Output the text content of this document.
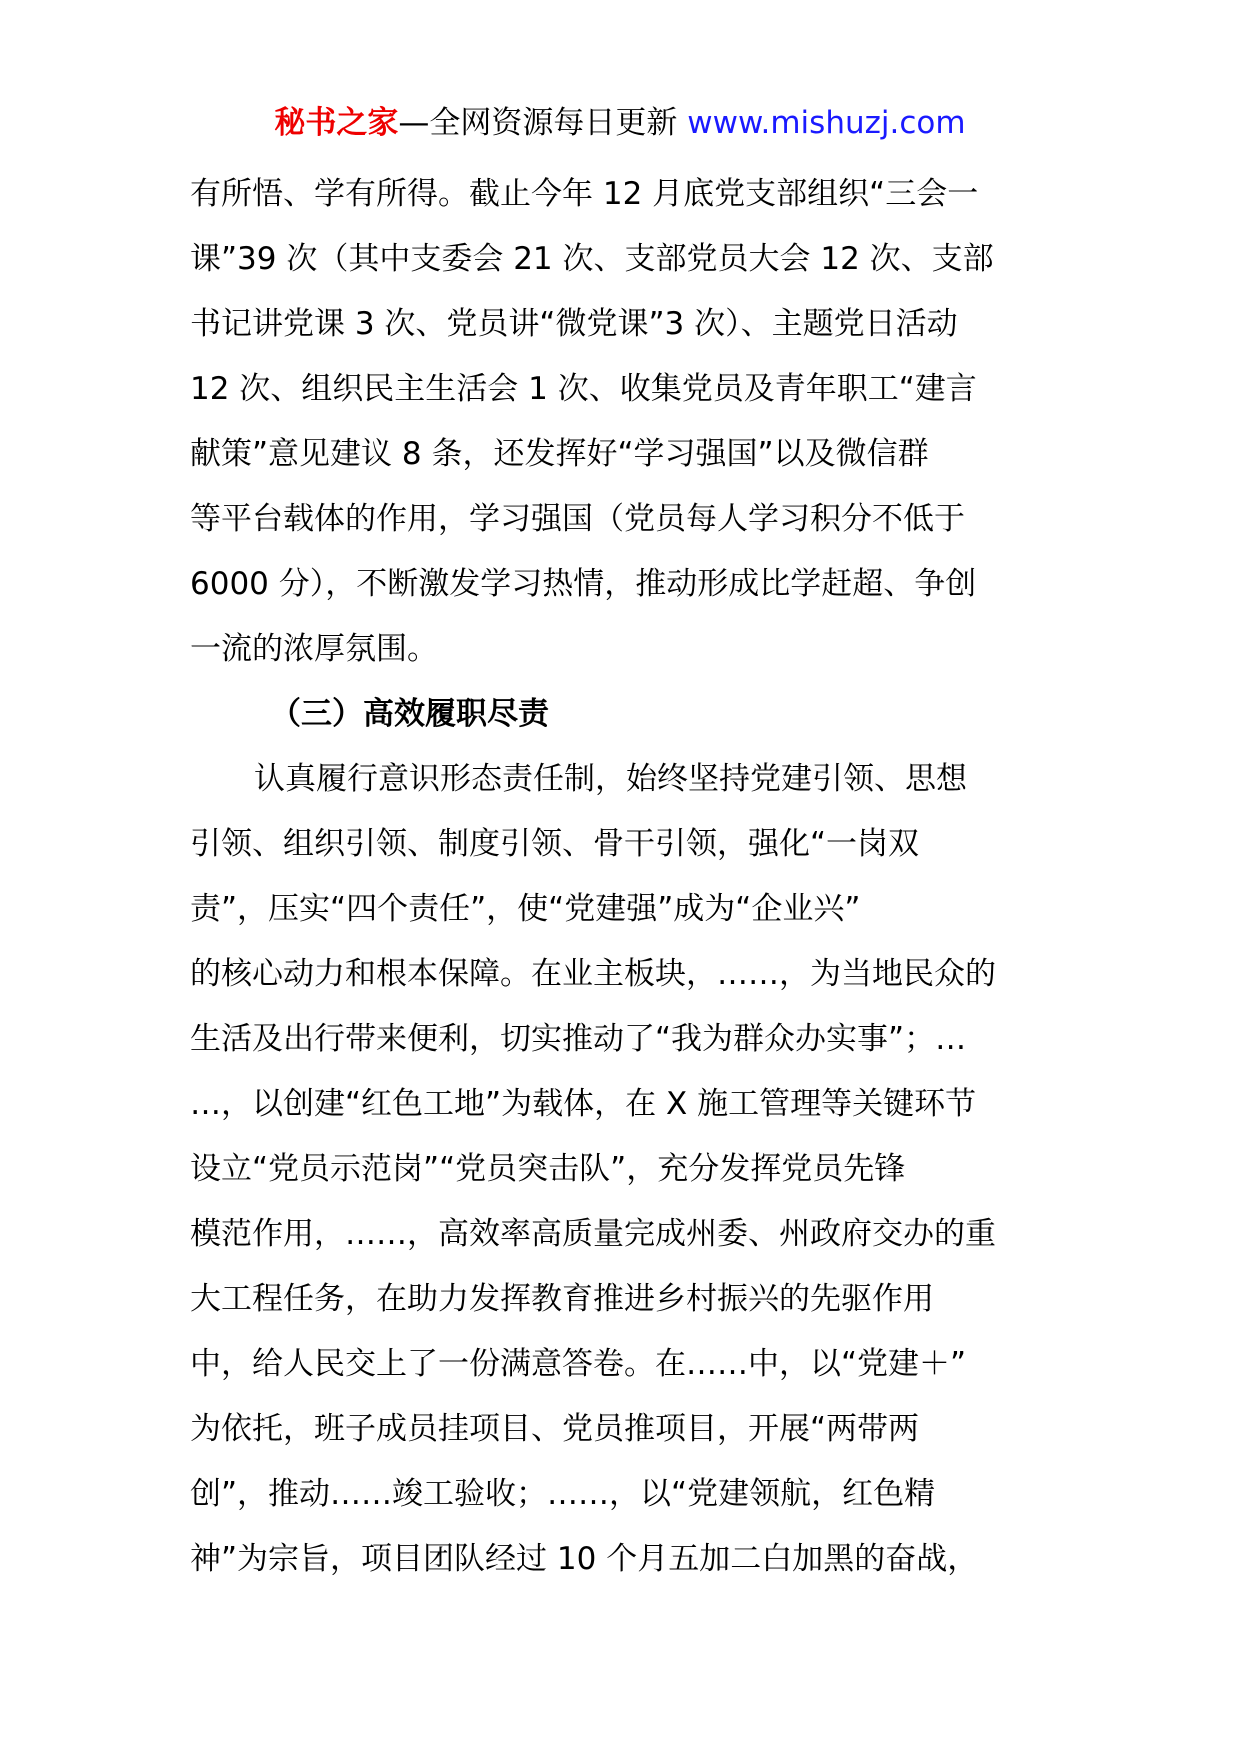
秘书之家—全网资源每日更新 www.mishuzj.com
有所悟、学有所得。截止今年 12 月底党支部组织“三会一
课”39 次（其中支委会 21 次、支部党员大会 12 次、支部
书记讲党课 3 次、党员讲“微党课”3 次）、主题党日活动
12 次、组织民主生活会 1 次、收集党员及青年职工“建言
献策”意见建议 8 条，还发挥好“学习强国”以及微信群
等平台载体的作用，学习强国（党员每人学习积分不低于
6000 分），不断激发学习热情，推动形成比学赶超、争创
一流的浓厚氛围。
（三）高效履职尽责
认真履行意识形态责任制，始终坚持党建引领、思想
引领、组织引领、制度引领、骨干引领，强化“一岗双
责”，压实“四个责任”，使“党建强”成为“企业兴”
的核心动力和根本保障。在业主板块，……，为当地民众的
生活及出行带来便利，切实推动了“我为群众办实事”；…
…，以创建“红色工地”为载体，在 X 施工管理等关键环节
设立“党员示范岗”“党员突击队”，充分发挥党员先锋
模范作用，……，高效率高质量完成州委、州政府交办的重
大工程任务，在助力发挥教育推进乡村振兴的先驱作用
中，给人民交上了一份满意答卷。在……中，以“党建＋”
为依托，班子成员挂项目、党员推项目，开展“两带两
创”，推动……竣工验收；……，以“党建领航，红色精
神”为宗旨，项目团队经过 10 个月五加二白加黑的奋战，
